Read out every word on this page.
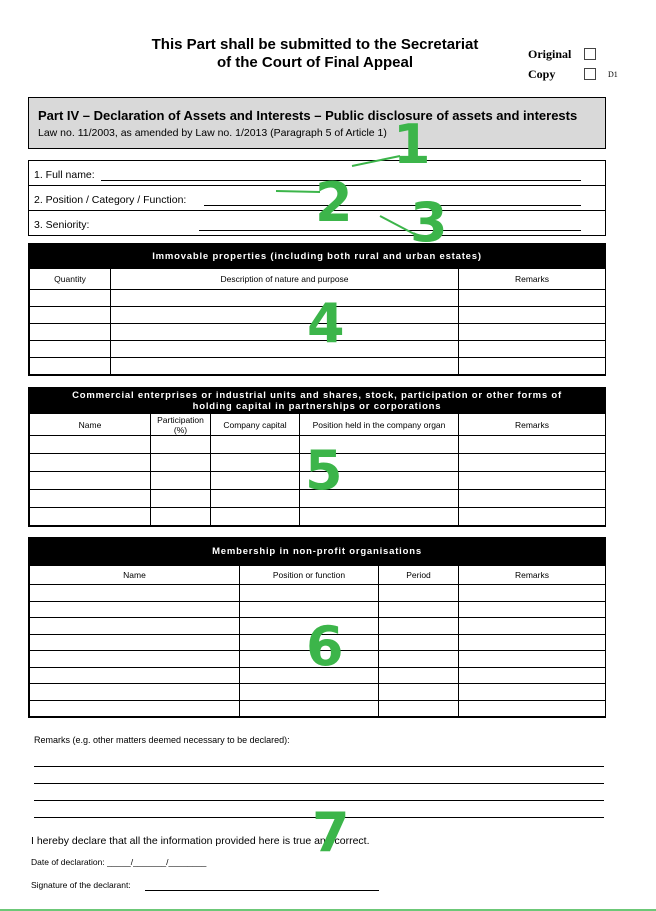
This Part shall be submitted to the Secretariat
of the Court of Final Appeal
Original
Copy	D1
Part IV – Declaration of Assets and Interests – Public disclosure of assets and interests
Law no. 11/2003, as amended by Law no. 1/2013 (Paragraph 5 of Article 1)
1. Full name:
2. Position / Category / Function:
3. Seniority:
Immovable properties (including both rural and urban estates)
Quantity	Description of nature and purpose	Remarks

Commercial enterprises or industrial units and shares, stock, participation or other forms of
holding capital in partnerships or corporations
Name	Participation (%)	Company capital	Position held in the company organ	Remarks

Membership in non-profit organisations
Name	Position or function	Period	Remarks

Remarks (e.g. other matters deemed necessary to be declared):
I hereby declare that all the information provided here is true and correct.
Date of declaration: _____/_______/________
Signature of the declarant:
1
2 3
4
5
6
7
